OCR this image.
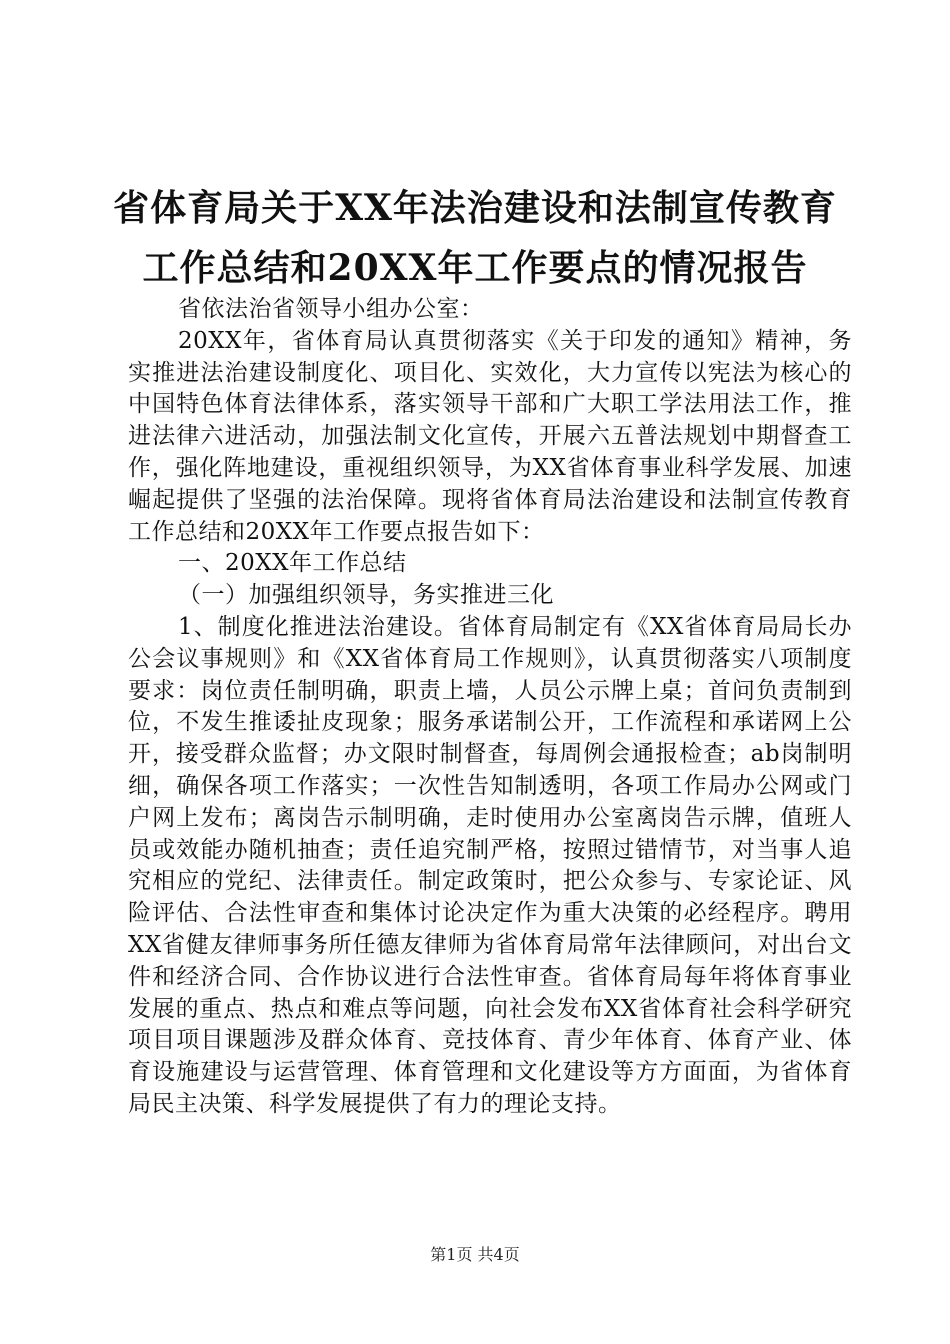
省体育局关于XX年法治建设和法制宣传教育
工作总结和20XX年工作要点的情况报告

省依法治省领导小组办公室：

20XX年，省体育局认真贯彻落实《关于印发的通知》精神，务实推进法治建设制度化、项目化、实效化，大力宣传以宪法为核心的中国特色体育法律体系，落实领导干部和广大职工学法用法工作，推进法律六进活动，加强法制文化宣传，开展六五普法规划中期督查工作，强化阵地建设，重视组织领导，为XX省体育事业科学发展、加速崛起提供了坚强的法治保障。现将省体育局法治建设和法制宣传教育工作总结和20XX年工作要点报告如下：

一、20XX年工作总结

（一）加强组织领导，务实推进三化

1、制度化推进法治建设。省体育局制定有《XX省体育局局长办公会议事规则》和《XX省体育局工作规则》，认真贯彻落实八项制度要求：岗位责任制明确，职责上墙，人员公示牌上桌；首问负责制到位，不发生推诿扯皮现象；服务承诺制公开，工作流程和承诺网上公开，接受群众监督；办文限时制督查，每周例会通报检查；ab岗制明细，确保各项工作落实；一次性告知制透明，各项工作局办公网或门户网上发布；离岗告示制明确，走时使用办公室离岗告示牌，值班人员或效能办随机抽查；责任追究制严格，按照过错情节，对当事人追究相应的党纪、法律责任。制定政策时，把公众参与、专家论证、风险评估、合法性审查和集体讨论决定作为重大决策的必经程序。聘用XX省健友律师事务所任德友律师为省体育局常年法律顾问，对出台文件和经济合同、合作协议进行合法性审查。省体育局每年将体育事业发展的重点、热点和难点等问题，向社会发布XX省体育社会科学研究项目项目课题涉及群众体育、竞技体育、青少年体育、体育产业、体育设施建设与运营管理、体育管理和文化建设等方方面面，为省体育局民主决策、科学发展提供了有力的理论支持。

第1页 共4页
